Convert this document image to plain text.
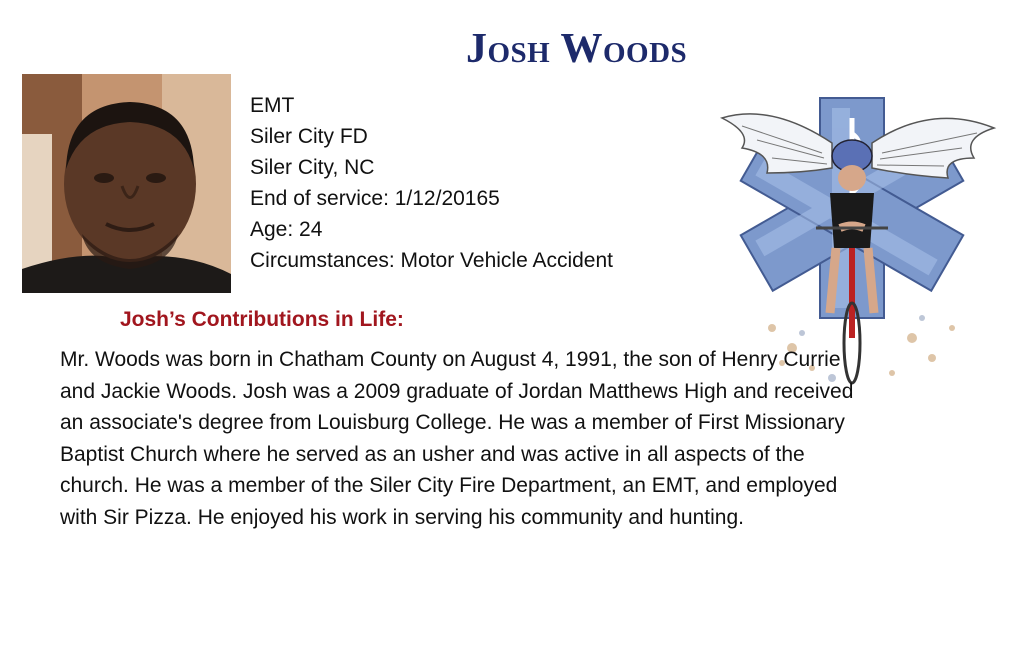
Josh Woods
EMT
Siler City FD
Siler City, NC
End of service: 1/12/20165
Age: 24
Circumstances: Motor Vehicle Accident
Josh’s Contributions in Life:
Mr. Woods was born in Chatham County on August 4, 1991, the son of Henry Currie
and Jackie Woods. Josh was a 2009 graduate of Jordan Matthews High and received
an associate's degree from Louisburg College. He was a member of First Missionary
Baptist Church where he served as an usher and was active in all aspects of the
church. He was a member of the Siler City Fire Department, an EMT, and employed
with Sir Pizza. He enjoyed his work in serving his community and hunting.
